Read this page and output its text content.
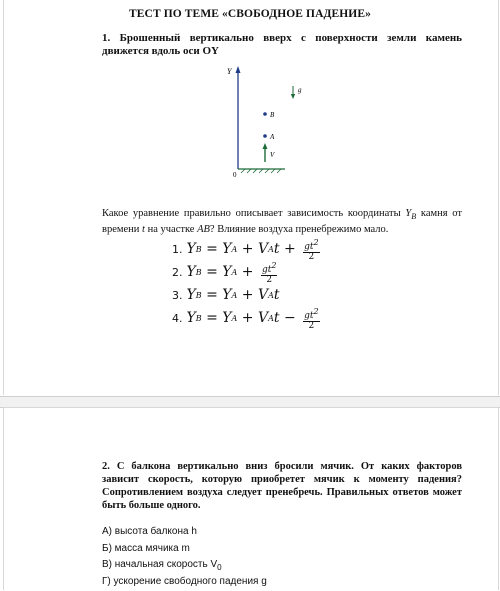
ТЕСТ ПО ТЕМЕ «СВОБОДНОЕ ПАДЕНИЕ»
1. Брошенный вертикально вверх с поверхности земли камень движется вдоль оси OY
Y
0
g
B
A
V
Какое уравнение правильно описывает зависимость координаты $Y_B$ камня от времени t на участке AB? Влияние воздуха пренебрежимо мало.
1. Y B = Y A + V A $t + \frac{gt^2}{2}$
2. Y B = Y $A + \frac{gt^2}{2}$
3. Y B = Y A + V A t
4. Y B = Y A + V A $t - \frac{gt^2}{2}$
2. С балкона вертикально вниз бросили мячик. От каких факторов зависит скорость, которую приобретет мячик к моменту падения? Сопротивлением воздуха следует пренебречь. Правильных ответов может быть больше одного.
А) высота балкона h
Б) масса мячика m
В) начальная скорость $V_0$
Г) ускорение свободного падения g
